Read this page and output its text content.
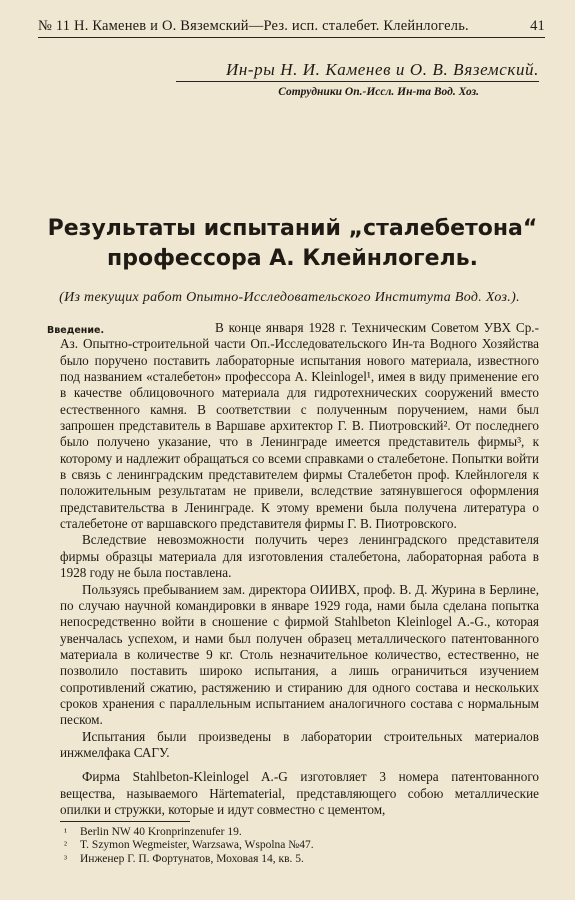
№ 11 Н. Каменев и О. Вяземский—Рез. исп. сталебет. Клейнлогель.	41
Ин-ры Н. И. Каменев и О. В. Вяземский.
Сотрудники Оп.-Иссл. Ин-та Вод. Хоз.
Результаты испытаний „сталебетона“
профессора А. Клейнлогель.
(Из текущих работ Опытно-Исследовательского Института Вод. Хоз.).
Введение.	В конце января 1928 г. Техническим Советом УВХ Ср.-Аз. Опытно-строительной части Оп.-Исследовательского Ин-та Водного Хозяйства было поручено поставить лабораторные испытания нового материала, известного под названием «сталебетон» профессора A. Kleinlogel¹, имея в виду применение его в качестве облицовочного материала для гидротехнических сооружений вместо естественного камня. В соответствии с полученным поручением, нами был запрошен представитель в Варшаве архитектор Г. В. Пиотровский². От последнего было получено указание, что в Ленинграде имеется представитель фирмы³, к которому и надлежит обращаться со всеми справками о сталебетоне. Попытки войти в связь с ленинградским представителем фирмы Сталебетон проф. Клейнлогеля к положительным результатам не привели, вследствие затянувшегося оформления представительства в Ленинграде. К этому времени была получена литература о сталебетоне от варшавского представителя фирмы Г. В. Пиотровского.

Вследствие невозможности получить через ленинградского представителя фирмы образцы материала для изготовления сталебетона, лабораторная работа в 1928 году не была поставлена.

Пользуясь пребыванием зам. директора ОИИВХ, проф. В. Д. Журина в Берлине, по случаю научной командировки в январе 1929 года, нами была сделана попытка непосредственно войти в сношение с фирмой Stahlbeton Kleinlogel A.-G., которая увенчалась успехом, и нами был получен образец металлического патентованного материала в количестве 9 кг. Столь незначительное количество, естественно, не позволило поставить широко испытания, а лишь ограничиться изучением сопротивлений сжатию, растяжению и стиранию для одного состава и нескольких сроков хранения с параллельным испытанием аналогичного состава с нормальным песком.

Испытания были произведены в лаборатории строительных материалов инжмелфака САГУ.

Фирма Stahlbeton-Kleinlogel A.-G изготовляет 3 номера патентованного вещества, называемого Härtematerial, представляющего собою металлические опилки и стружки, которые и идут совместно с цементом,

¹ Berlin NW 40 Kronprinzenufer 19.
² T. Szymon Wegmeister, Warzsawa, Wspolna №47.
³ Инженер Г. П. Фортунатов, Моховая 14, кв. 5.
